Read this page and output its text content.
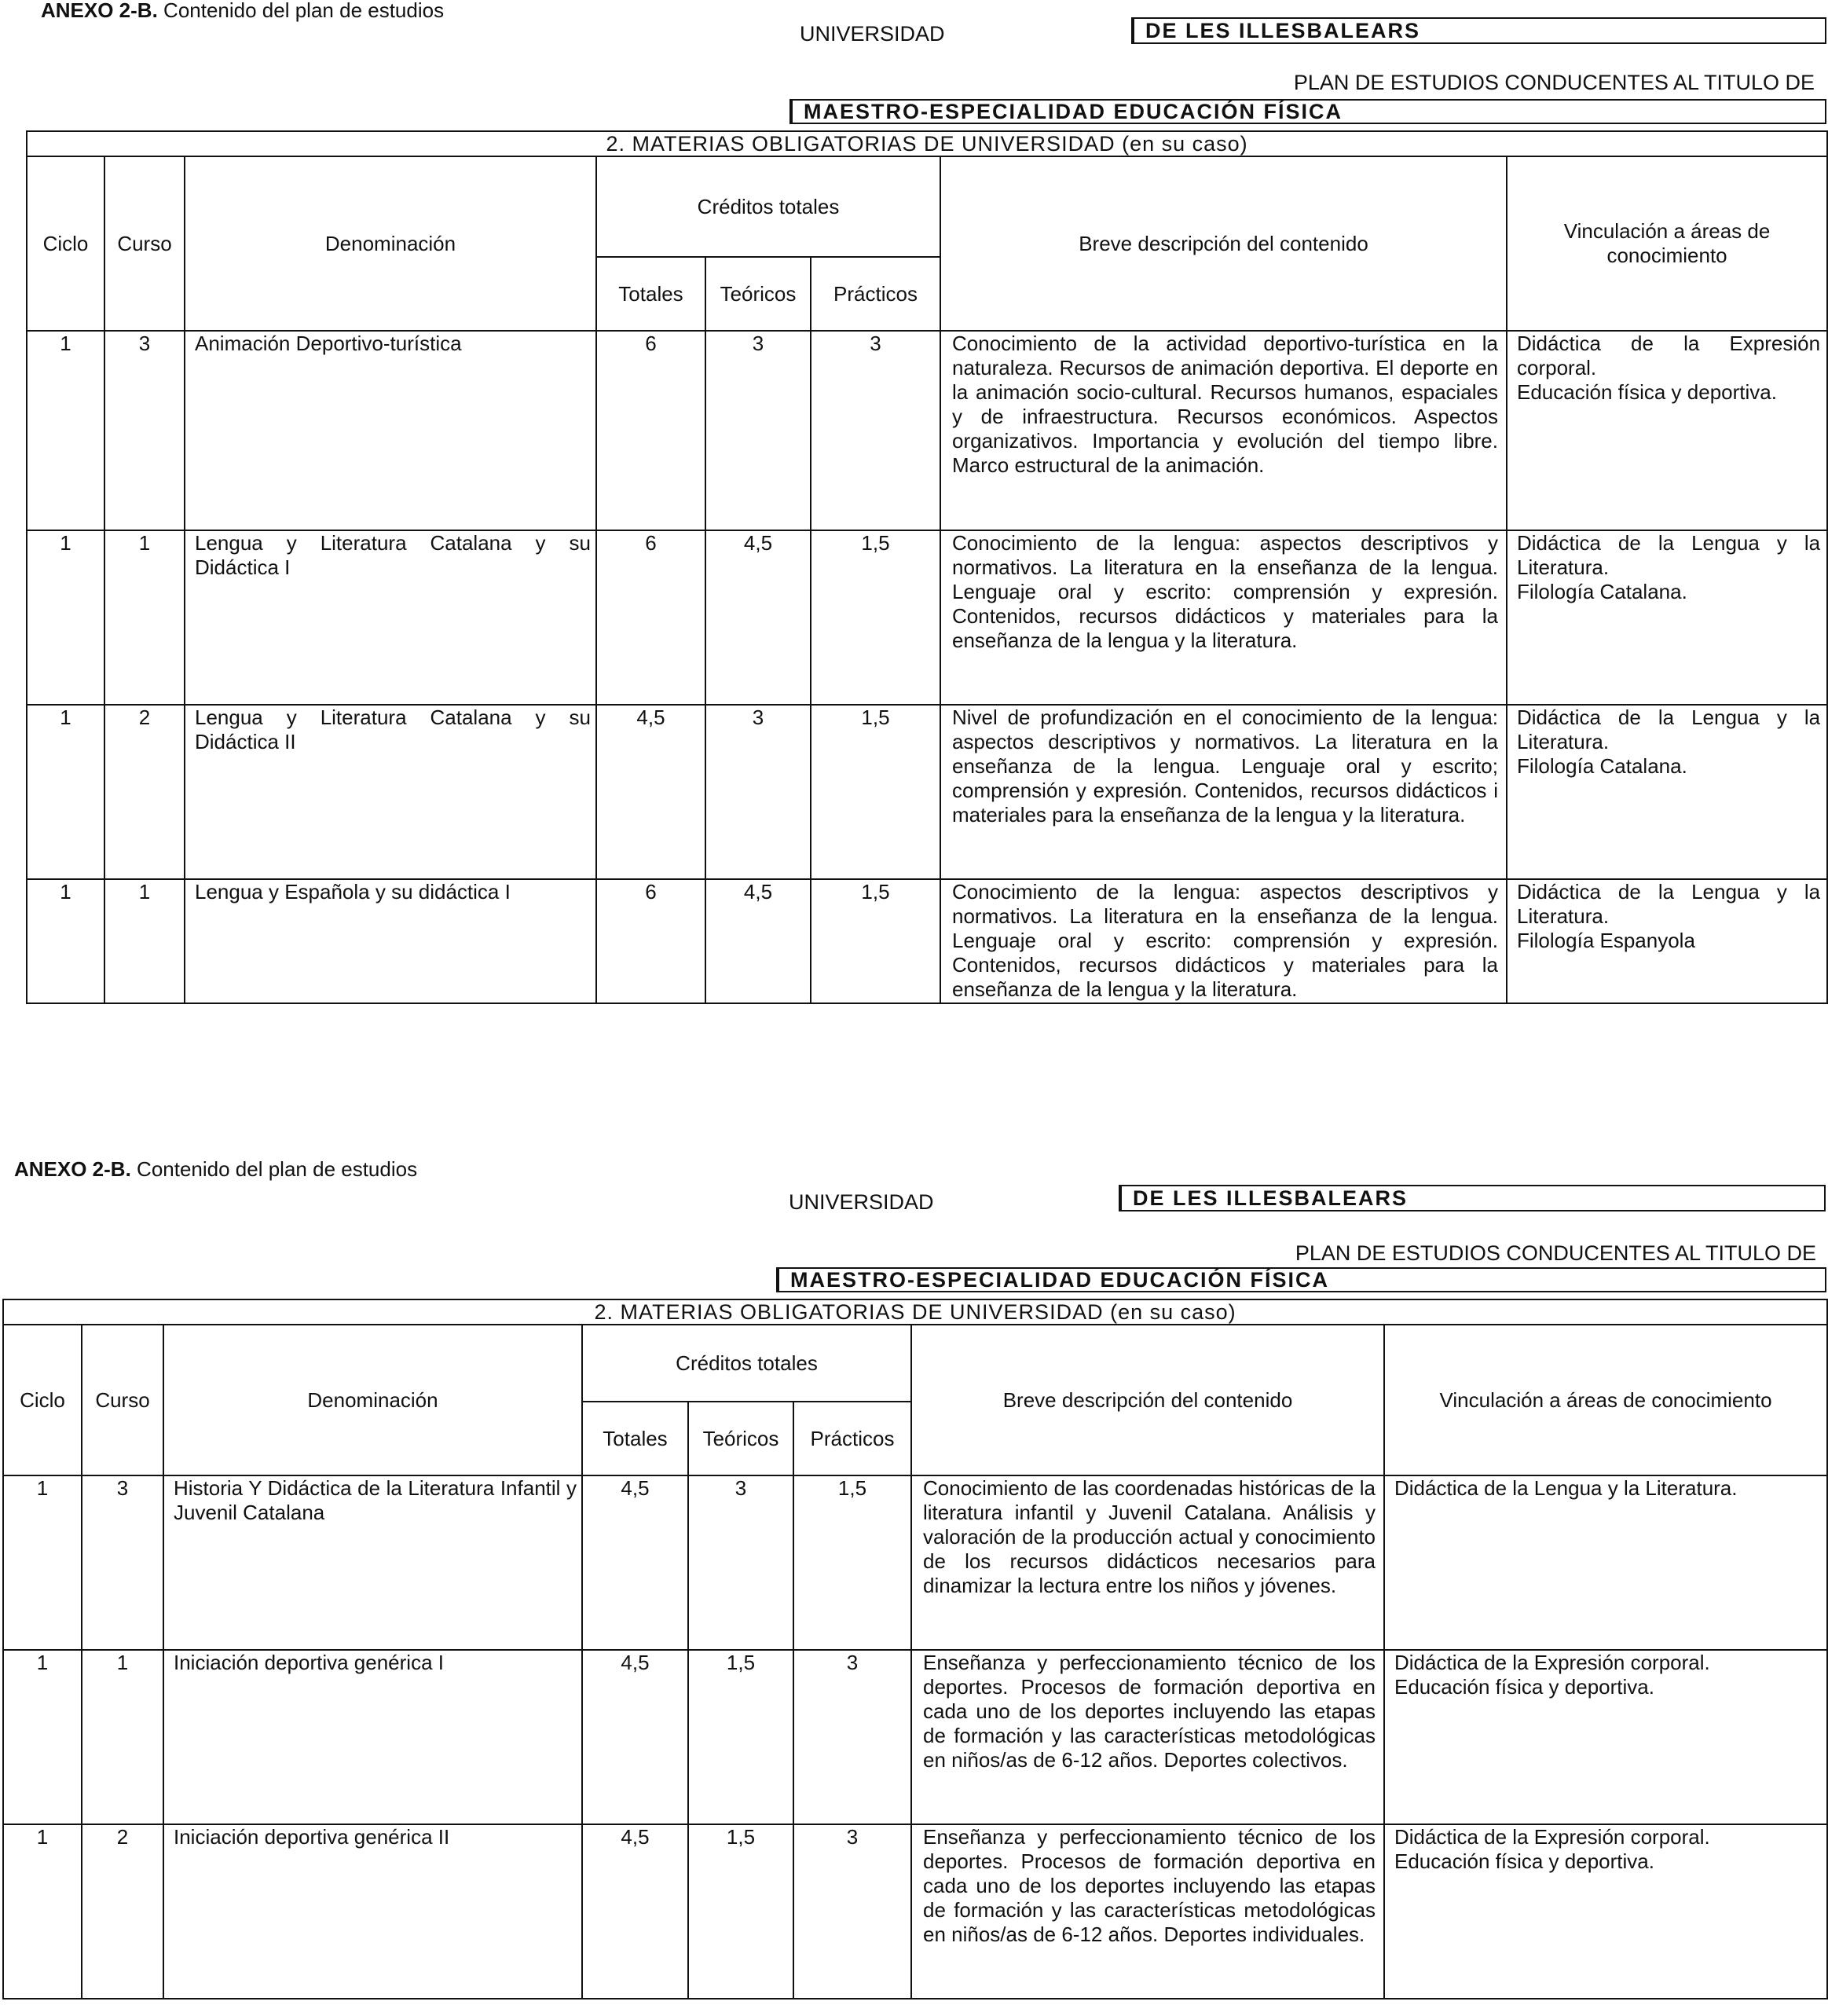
ANEXO 2-B. Contenido del plan de estudios
UNIVERSIDAD	DE LES ILLESBALEARS
PLAN DE ESTUDIOS CONDUCENTES AL TITULO DE
MAESTRO-ESPECIALIDAD EDUCACIÓN FÍSICA
2. MATERIAS OBLIGATORIAS DE UNIVERSIDAD (en su caso)							
Ciclo	Curso	Denominación	Créditos totales			Breve descripción del contenido	Vinculación a áreas de conocimiento
			Totales	Teóricos	Prácticos		
1	3	Animación Deportivo-turística	6	3	3	Conocimiento de la actividad deportivo-turística en la naturaleza. Recursos de animación deportiva. El deporte en la animación socio-cultural. Recursos humanos, espaciales y de infraestructura. Recursos económicos. Aspectos organizativos. Importancia y evolución del tiempo libre. Marco estructural de la animación.	Didáctica de la Expresión corporal.
Educación física y deportiva.

1	1	Lengua y Literatura Catalana y su Didáctica I	6	4,5	1,5	Conocimiento de la lengua: aspectos descriptivos y normativos. La literatura en la enseñanza de la lengua. Lenguaje oral y escrito: comprensión y expresión. Contenidos, recursos didácticos y materiales para la enseñanza de la lengua y la literatura.	Didáctica de la Lengua y la Literatura.
Filología Catalana.

1	2	Lengua y Literatura Catalana y su Didáctica II	4,5	3	1,5	Nivel de profundización en el conocimiento de la lengua: aspectos descriptivos y normativos. La literatura en la enseñanza de la lengua. Lenguaje oral y escrito; comprensión y expresión. Contenidos, recursos didácticos i materiales para la enseñanza de la lengua y la literatura.	Didáctica de la Lengua y la Literatura.
Filología Catalana.

1	1	Lengua y Española y su didáctica I	6	4,5	1,5	Conocimiento de la lengua: aspectos descriptivos y normativos. La literatura en la enseñanza de la lengua. Lenguaje oral y escrito: comprensión y expresión. Contenidos, recursos didácticos y materiales para la enseñanza de la lengua y la literatura.	Didáctica de la Lengua y la Literatura.
Filología Espanyola
ANEXO 2-B. Contenido del plan de estudios
UNIVERSIDAD	DE LES ILLESBALEARS
PLAN DE ESTUDIOS CONDUCENTES AL TITULO DE
MAESTRO-ESPECIALIDAD EDUCACIÓN FÍSICA
2. MATERIAS OBLIGATORIAS DE UNIVERSIDAD (en su caso)							
Ciclo	Curso	Denominación	Créditos totales			Breve descripción del contenido	Vinculación a áreas de conocimiento
			Totales	Teóricos	Prácticos		
1	3	Historia Y Didáctica de la Literatura Infantil y Juvenil Catalana	4,5	3	1,5	Conocimiento de las coordenadas históricas de la literatura infantil y Juvenil Catalana. Análisis y valoración de la producción actual y conocimiento de los recursos didácticos necesarios para dinamizar la lectura entre los niños y jóvenes.	Didáctica de la Lengua y la Literatura.

1	1	Iniciación deportiva genérica I	4,5	1,5	3	Enseñanza y perfeccionamiento técnico de los deportes. Procesos de formación deportiva en cada uno de los deportes incluyendo las etapas de formación y las características metodológicas en niños/as de 6-12 años. Deportes colectivos.	Didáctica de la Expresión corporal.
Educación física y deportiva.

1	2	Iniciación deportiva genérica II	4,5	1,5	3	Enseñanza y perfeccionamiento técnico de los deportes. Procesos de formación deportiva en cada uno de los deportes incluyendo las etapas de formación y las características metodológicas en niños/as de 6-12 años. Deportes individuales.	Didáctica de la Expresión corporal.
Educación física y deportiva.
